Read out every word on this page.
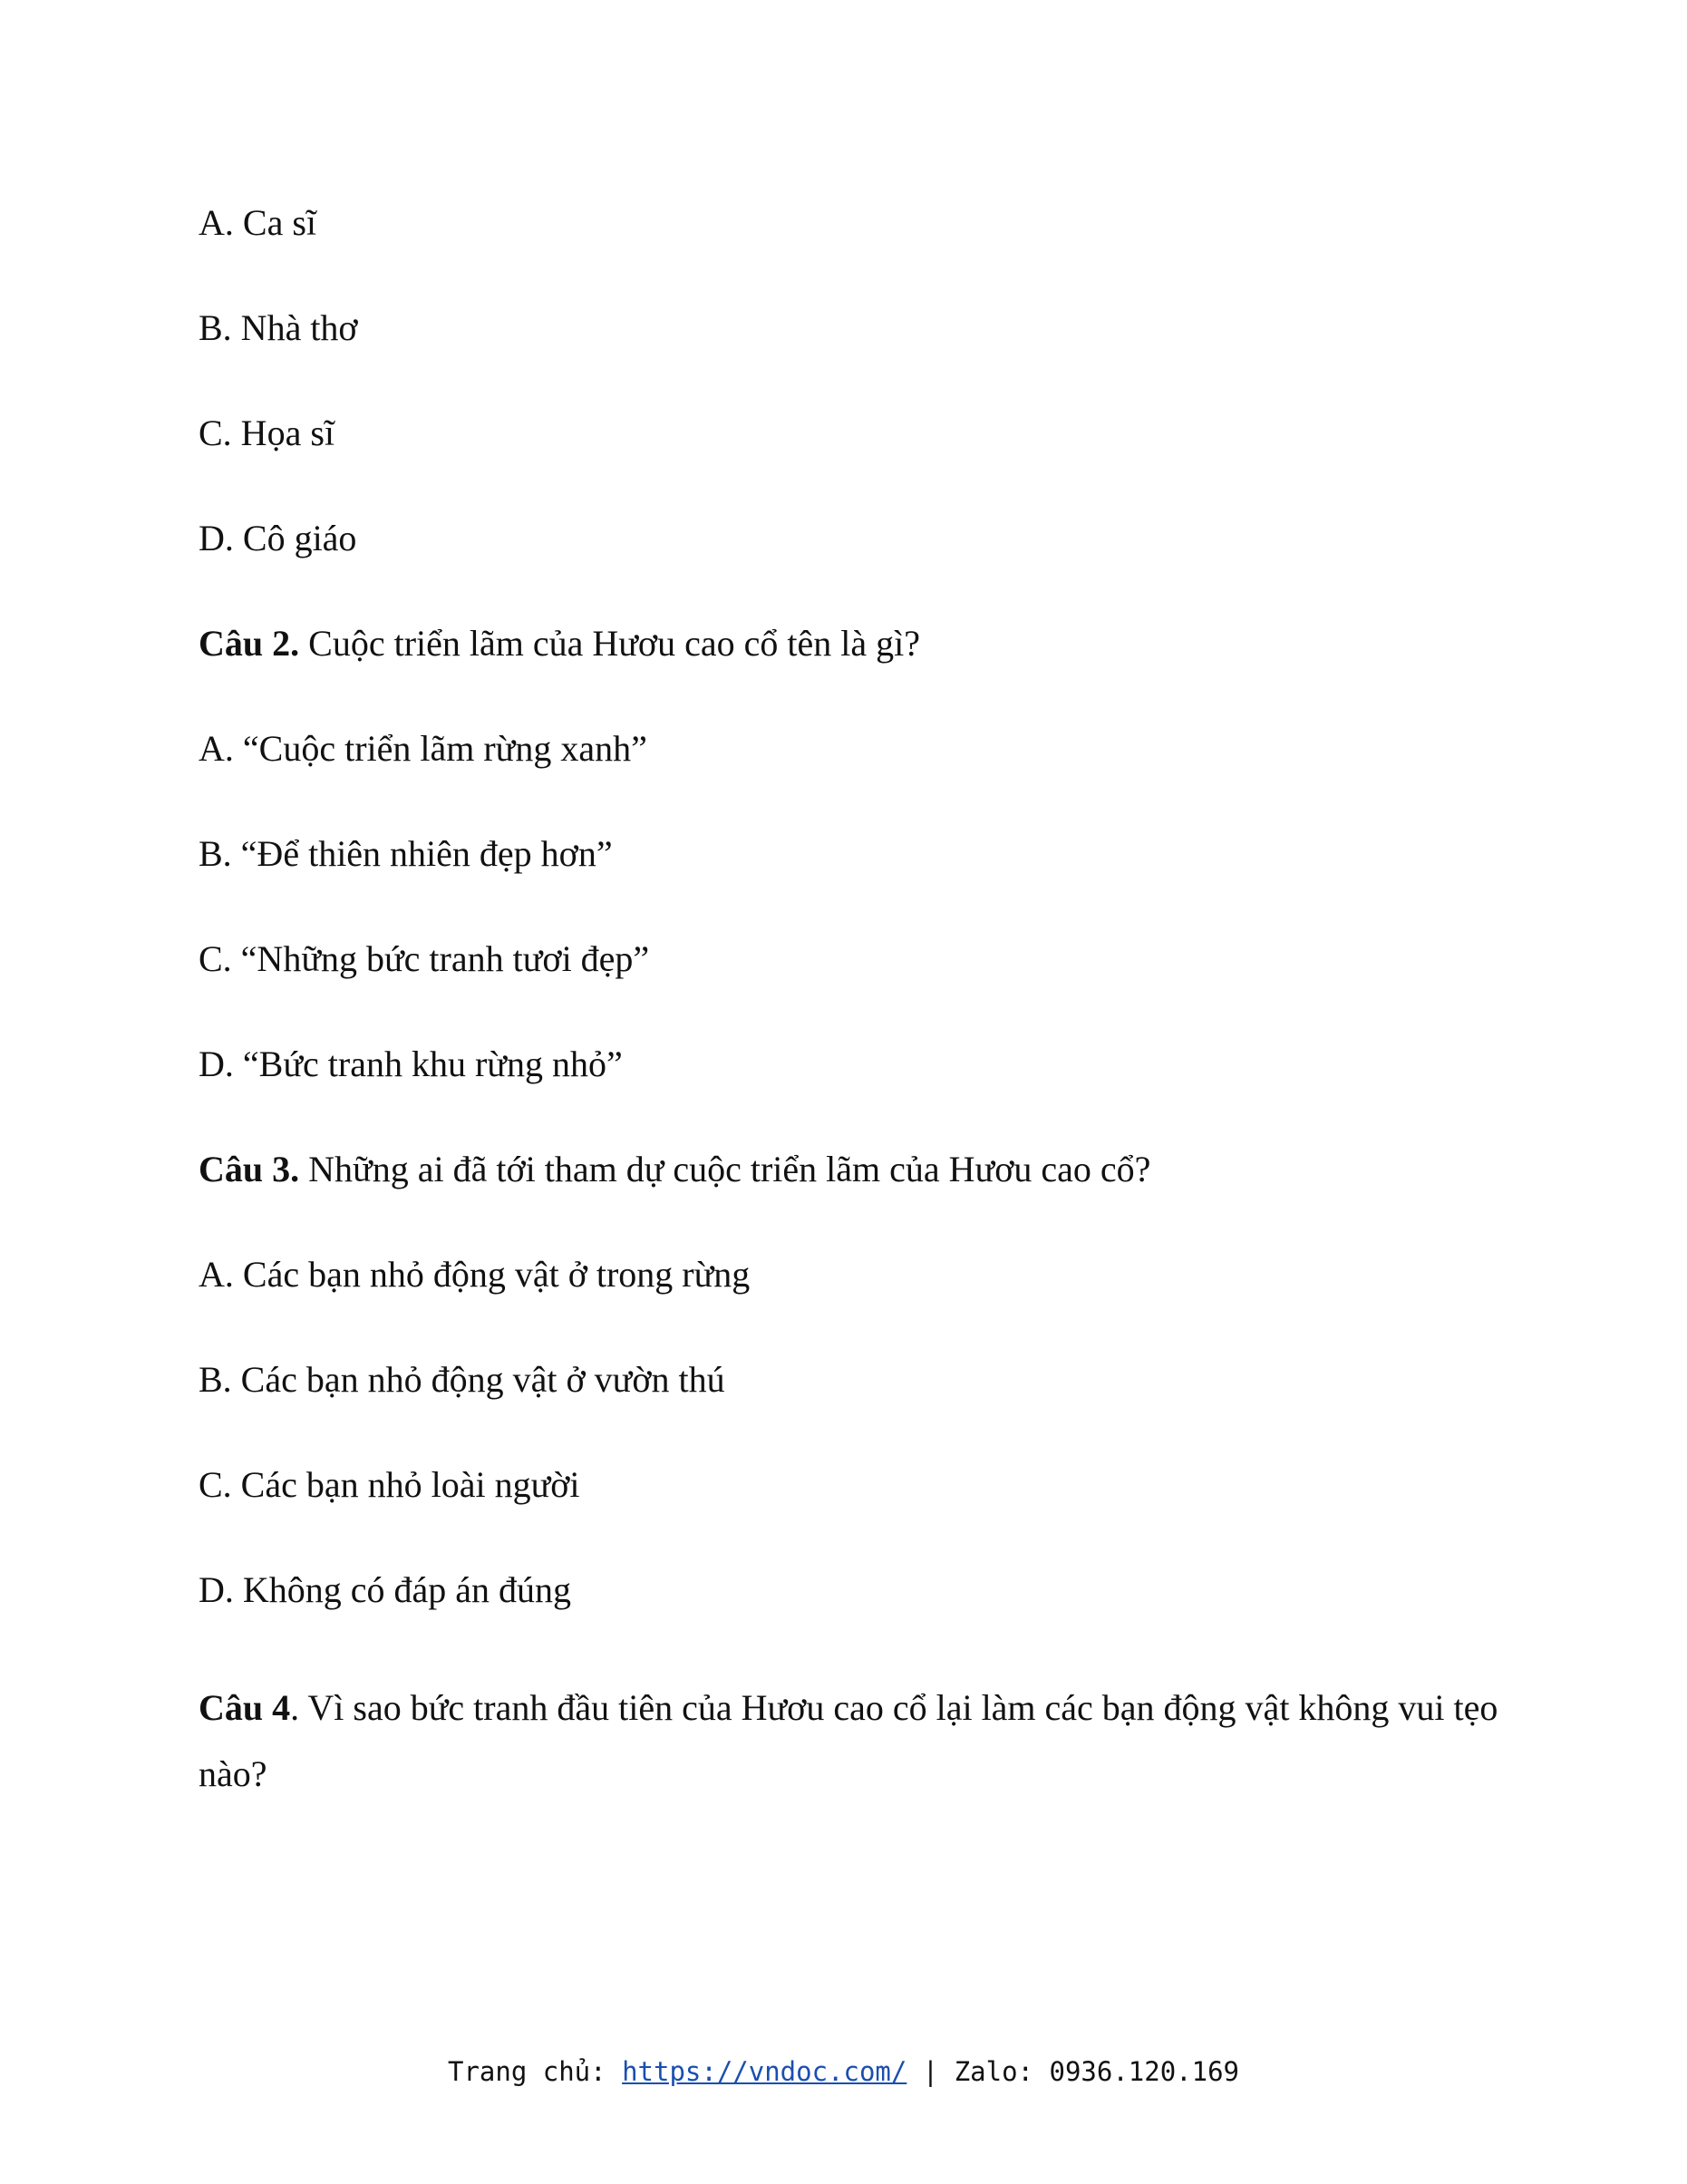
A. Ca sĩ
B. Nhà thơ
C. Họa sĩ
D. Cô giáo
Câu 2. Cuộc triển lãm của Hươu cao cổ tên là gì?
A. “Cuộc triển lãm rừng xanh”
B. “Để thiên nhiên đẹp hơn”
C. “Những bức tranh tươi đẹp”
D. “Bức tranh khu rừng nhỏ”
Câu 3. Những ai đã tới tham dự cuộc triển lãm của Hươu cao cổ?
A. Các bạn nhỏ động vật ở trong rừng
B. Các bạn nhỏ động vật ở vườn thú
C. Các bạn nhỏ loài người
D. Không có đáp án đúng
Câu 4. Vì sao bức tranh đầu tiên của Hươu cao cổ lại làm các bạn động vật không vui tẹo nào?
Trang chủ: https://vndoc.com/ | Zalo: 0936.120.169
